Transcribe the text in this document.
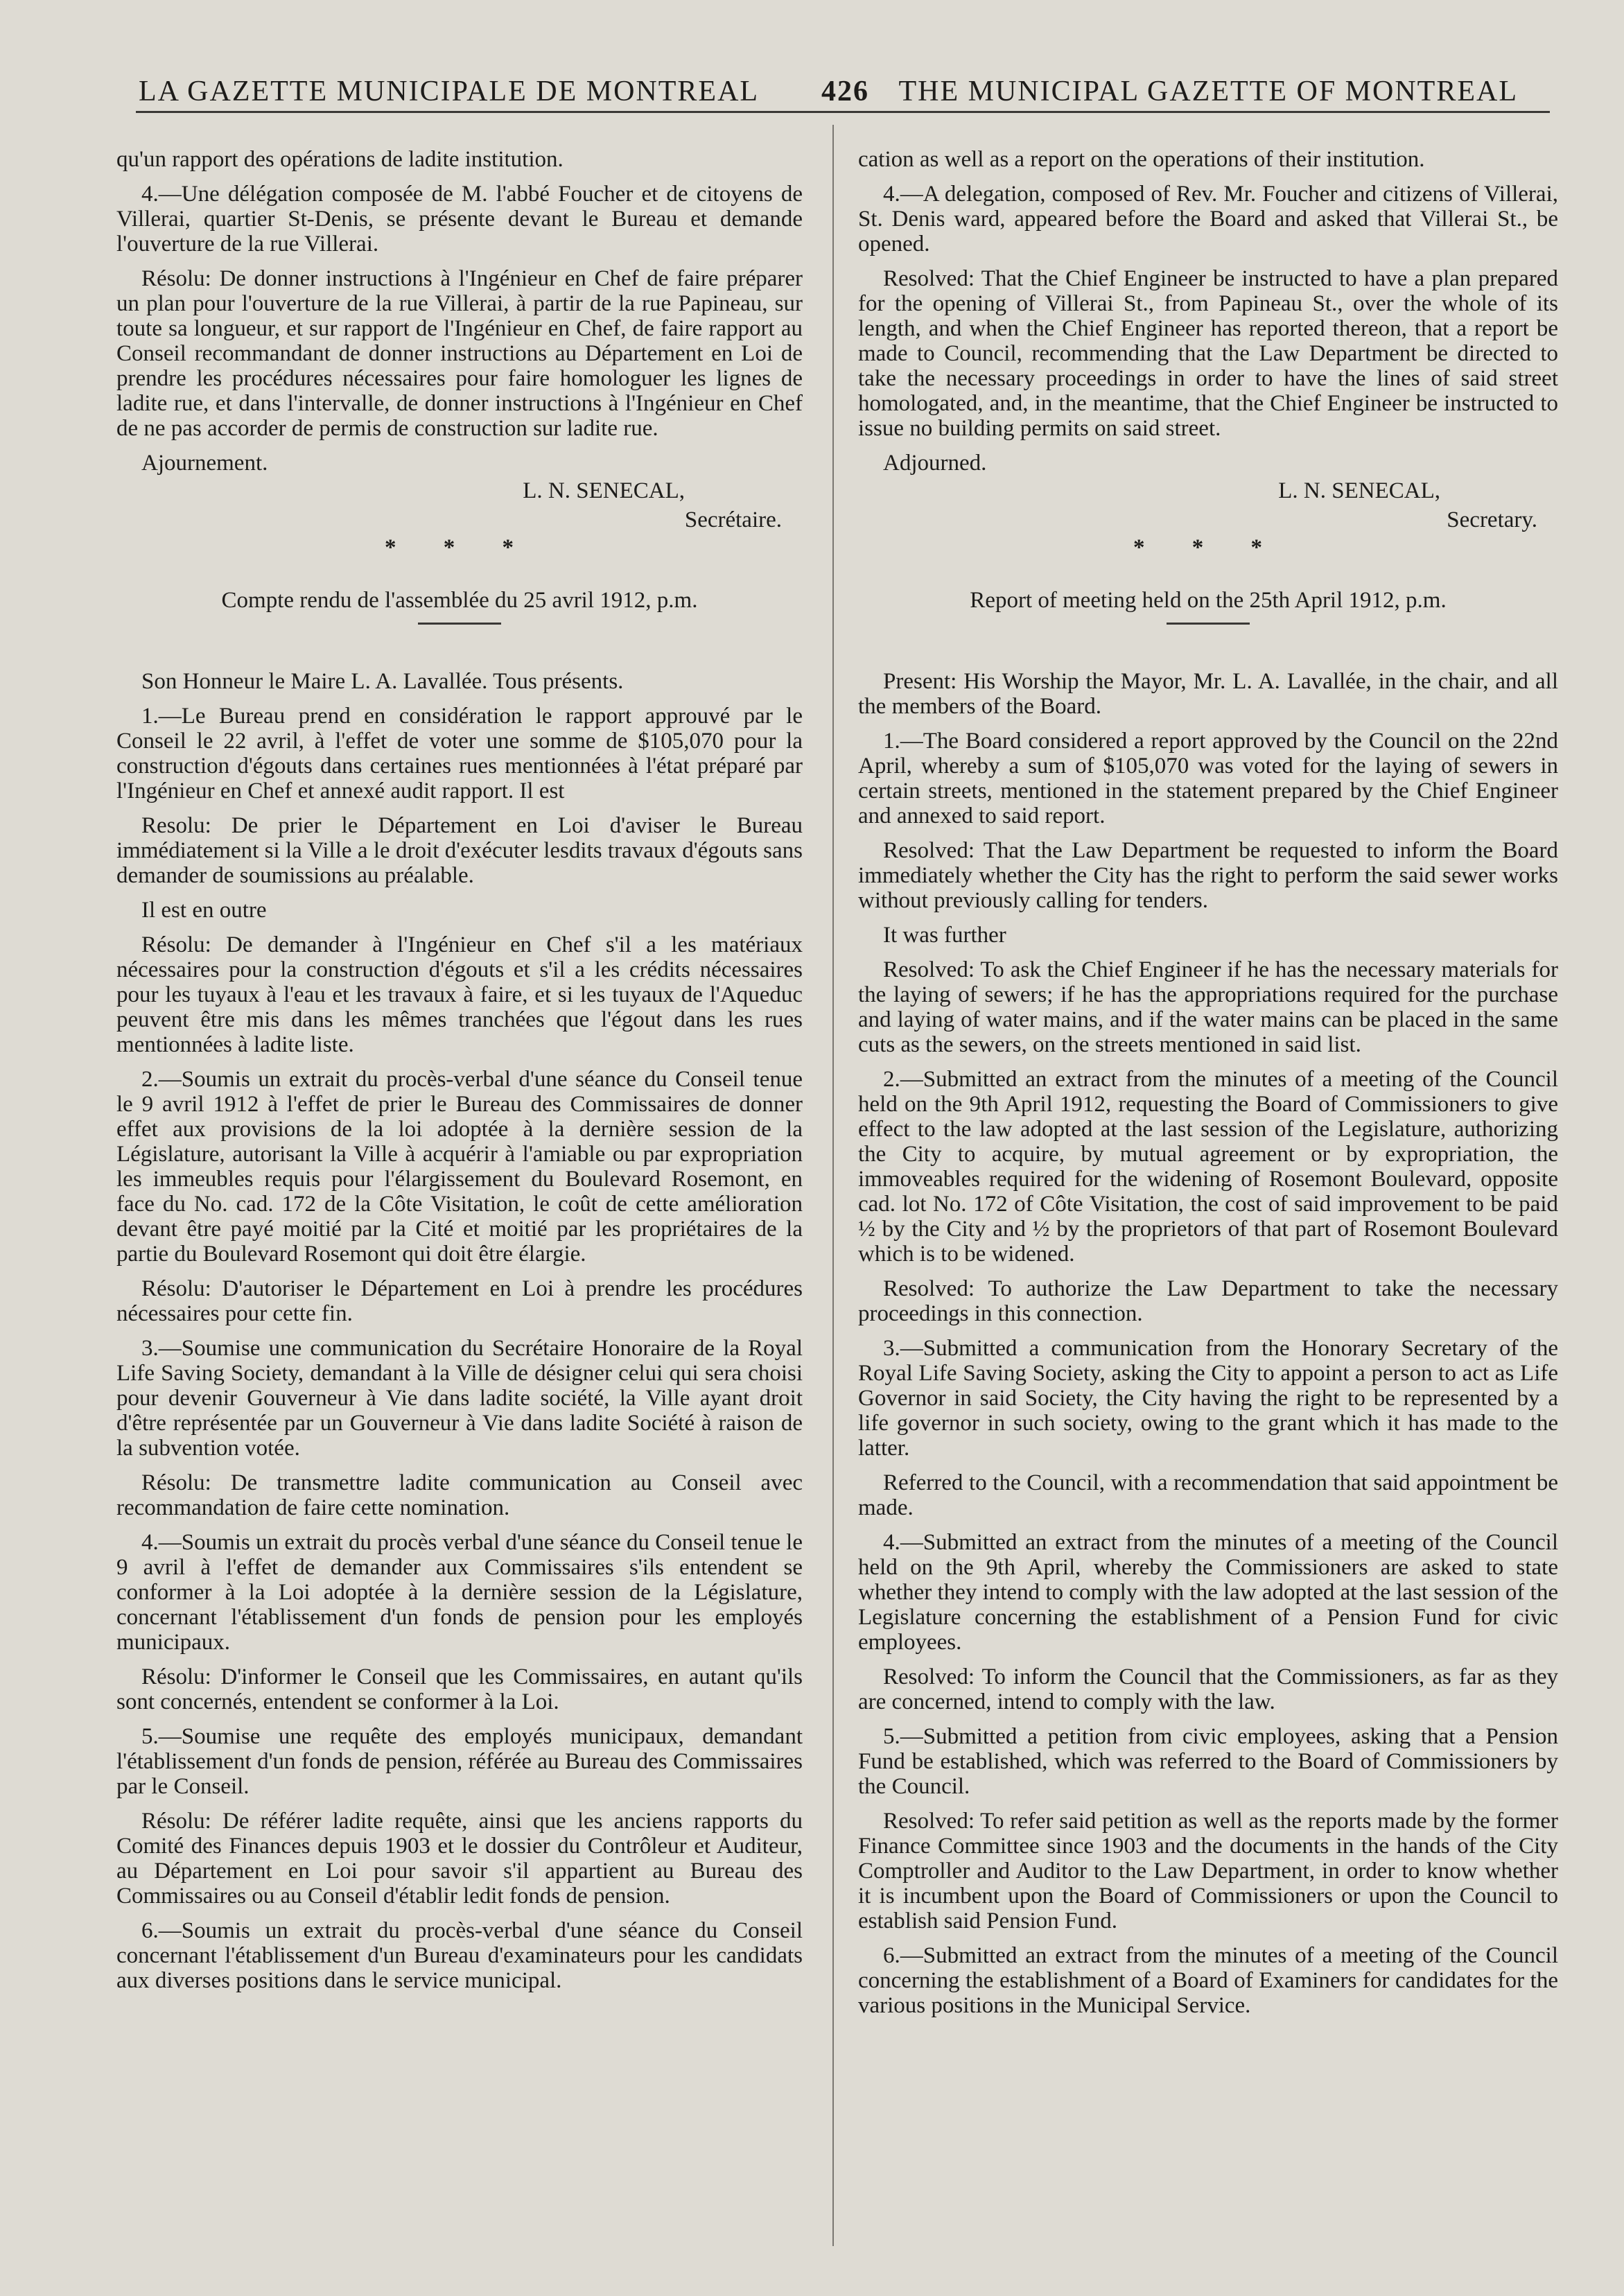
LA GAZETTE MUNICIPALE DE MONTREAL 426 THE MUNICIPAL GAZETTE OF MONTREAL

qu'un rapport des opérations de ladite institution.

4.—Une délégation composée de M. l'abbé Foucher et de citoyens de Villerai, quartier St-Denis, se présente devant le Bureau et demande l'ouverture de la rue Villerai.

Résolu: De donner instructions à l'Ingénieur en Chef de faire préparer un plan pour l'ouverture de la rue Villerai, à partir de la rue Papineau, sur toute sa longueur, et sur rapport de l'Ingénieur en Chef, de faire rapport au Conseil recommandant de donner instructions au Département en Loi de prendre les procédures nécessaires pour faire homologuer les lignes de ladite rue, et dans l'intervalle, de donner instructions à l'Ingénieur en Chef de ne pas accorder de permis de construction sur ladite rue.

Ajournement.

L. N. SENECAL,
Secrétaire.
* * *

Compte rendu de l'assemblée du 25 avril 1912, p.m.

Son Honneur le Maire L. A. Lavallée. Tous présents.

1.—Le Bureau prend en considération le rapport approuvé par le Conseil le 22 avril, à l'effet de voter une somme de $105,070 pour la construction d'égouts dans certaines rues mentionnées à l'état préparé par l'Ingénieur en Chef et annexé audit rapport. Il est

Resolu: De prier le Département en Loi d'aviser le Bureau immédiatement si la Ville a le droit d'exécuter lesdits travaux d'égouts sans demander de soumissions au préalable.

Il est en outre

Résolu: De demander à l'Ingénieur en Chef s'il a les matériaux nécessaires pour la construction d'égouts et s'il a les crédits nécessaires pour les tuyaux à l'eau et les travaux à faire, et si les tuyaux de l'Aqueduc peuvent être mis dans les mêmes tranchées que l'égout dans les rues mentionnées à ladite liste.

2.—Soumis un extrait du procès-verbal d'une séance du Conseil tenue le 9 avril 1912 à l'effet de prier le Bureau des Commissaires de donner effet aux provisions de la loi adoptée à la dernière session de la Législature, autorisant la Ville à acquérir à l'amiable ou par expropriation les immeubles requis pour l'élargissement du Boulevard Rosemont, en face du No. cad. 172 de la Côte Visitation, le coût de cette amélioration devant être payé moitié par la Cité et moitié par les propriétaires de la partie du Boulevard Rosemont qui doit être élargie.

Résolu: D'autoriser le Département en Loi à prendre les procédures nécessaires pour cette fin.

3.—Soumise une communication du Secrétaire Honoraire de la Royal Life Saving Society, demandant à la Ville de désigner celui qui sera choisi pour devenir Gouverneur à Vie dans ladite société, la Ville ayant droit d'être représentée par un Gouverneur à Vie dans ladite Société à raison de la subvention votée.

Résolu: De transmettre ladite communication au Conseil avec recommandation de faire cette nomination.

4.—Soumis un extrait du procès verbal d'une séance du Conseil tenue le 9 avril à l'effet de demander aux Commissaires s'ils entendent se conformer à la Loi adoptée à la dernière session de la Législature, concernant l'établissement d'un fonds de pension pour les employés municipaux.

Résolu: D'informer le Conseil que les Commissaires, en autant qu'ils sont concernés, entendent se conformer à la Loi.

5.—Soumise une requête des employés municipaux, demandant l'établissement d'un fonds de pension, référée au Bureau des Commissaires par le Conseil.

Résolu: De référer ladite requête, ainsi que les anciens rapports du Comité des Finances depuis 1903 et le dossier du Contrôleur et Auditeur, au Département en Loi pour savoir s'il appartient au Bureau des Commissaires ou au Conseil d'établir ledit fonds de pension.

6.—Soumis un extrait du procès-verbal d'une séance du Conseil concernant l'établissement d'un Bureau d'examinateurs pour les candidats aux diverses positions dans le service municipal.

cation as well as a report on the operations of their institution.

4.—A delegation, composed of Rev. Mr. Foucher and citizens of Villerai, St. Denis ward, appeared before the Board and asked that Villerai St., be opened.

Resolved: That the Chief Engineer be instructed to have a plan prepared for the opening of Villerai St., from Papineau St., over the whole of its length, and when the Chief Engineer has reported thereon, that a report be made to Council, recommending that the Law Department be directed to take the necessary proceedings in order to have the lines of said street homologated, and, in the meantime, that the Chief Engineer be instructed to issue no building permits on said street.

Adjourned.

L. N. SENECAL,
Secretary.
* * *

Report of meeting held on the 25th April 1912, p.m.

Present: His Worship the Mayor, Mr. L. A. Lavallée, in the chair, and all the members of the Board.

1.—The Board considered a report approved by the Council on the 22nd April, whereby a sum of $105,070 was voted for the laying of sewers in certain streets, mentioned in the statement prepared by the Chief Engineer and annexed to said report.

Resolved: That the Law Department be requested to inform the Board immediately whether the City has the right to perform the said sewer works without previously calling for tenders.

It was further

Resolved: To ask the Chief Engineer if he has the necessary materials for the laying of sewers; if he has the appropriations required for the purchase and laying of water mains, and if the water mains can be placed in the same cuts as the sewers, on the streets mentioned in said list.

2.—Submitted an extract from the minutes of a meeting of the Council held on the 9th April 1912, requesting the Board of Commissioners to give effect to the law adopted at the last session of the Legislature, authorizing the City to acquire, by mutual agreement or by expropriation, the immoveables required for the widening of Rosemont Boulevard, opposite cad. lot No. 172 of Côte Visitation, the cost of said improvement to be paid ½ by the City and ½ by the proprietors of that part of Rosemont Boulevard which is to be widened.

Resolved: To authorize the Law Department to take the necessary proceedings in this connection.

3.—Submitted a communication from the Honorary Secretary of the Royal Life Saving Society, asking the City to appoint a person to act as Life Governor in said Society, the City having the right to be represented by a life governor in such society, owing to the grant which it has made to the latter.

Referred to the Council, with a recommendation that said appointment be made.

4.—Submitted an extract from the minutes of a meeting of the Council held on the 9th April, whereby the Commissioners are asked to state whether they intend to comply with the law adopted at the last session of the Legislature concerning the establishment of a Pension Fund for civic employees.

Resolved: To inform the Council that the Commissioners, as far as they are concerned, intend to comply with the law.

5.—Submitted a petition from civic employees, asking that a Pension Fund be established, which was referred to the Board of Commissioners by the Council.

Resolved: To refer said petition as well as the reports made by the former Finance Committee since 1903 and the documents in the hands of the City Comptroller and Auditor to the Law Department, in order to know whether it is incumbent upon the Board of Commissioners or upon the Council to establish said Pension Fund.

6.—Submitted an extract from the minutes of a meeting of the Council concerning the establishment of a Board of Examiners for candidates for the various positions in the Municipal Service.
